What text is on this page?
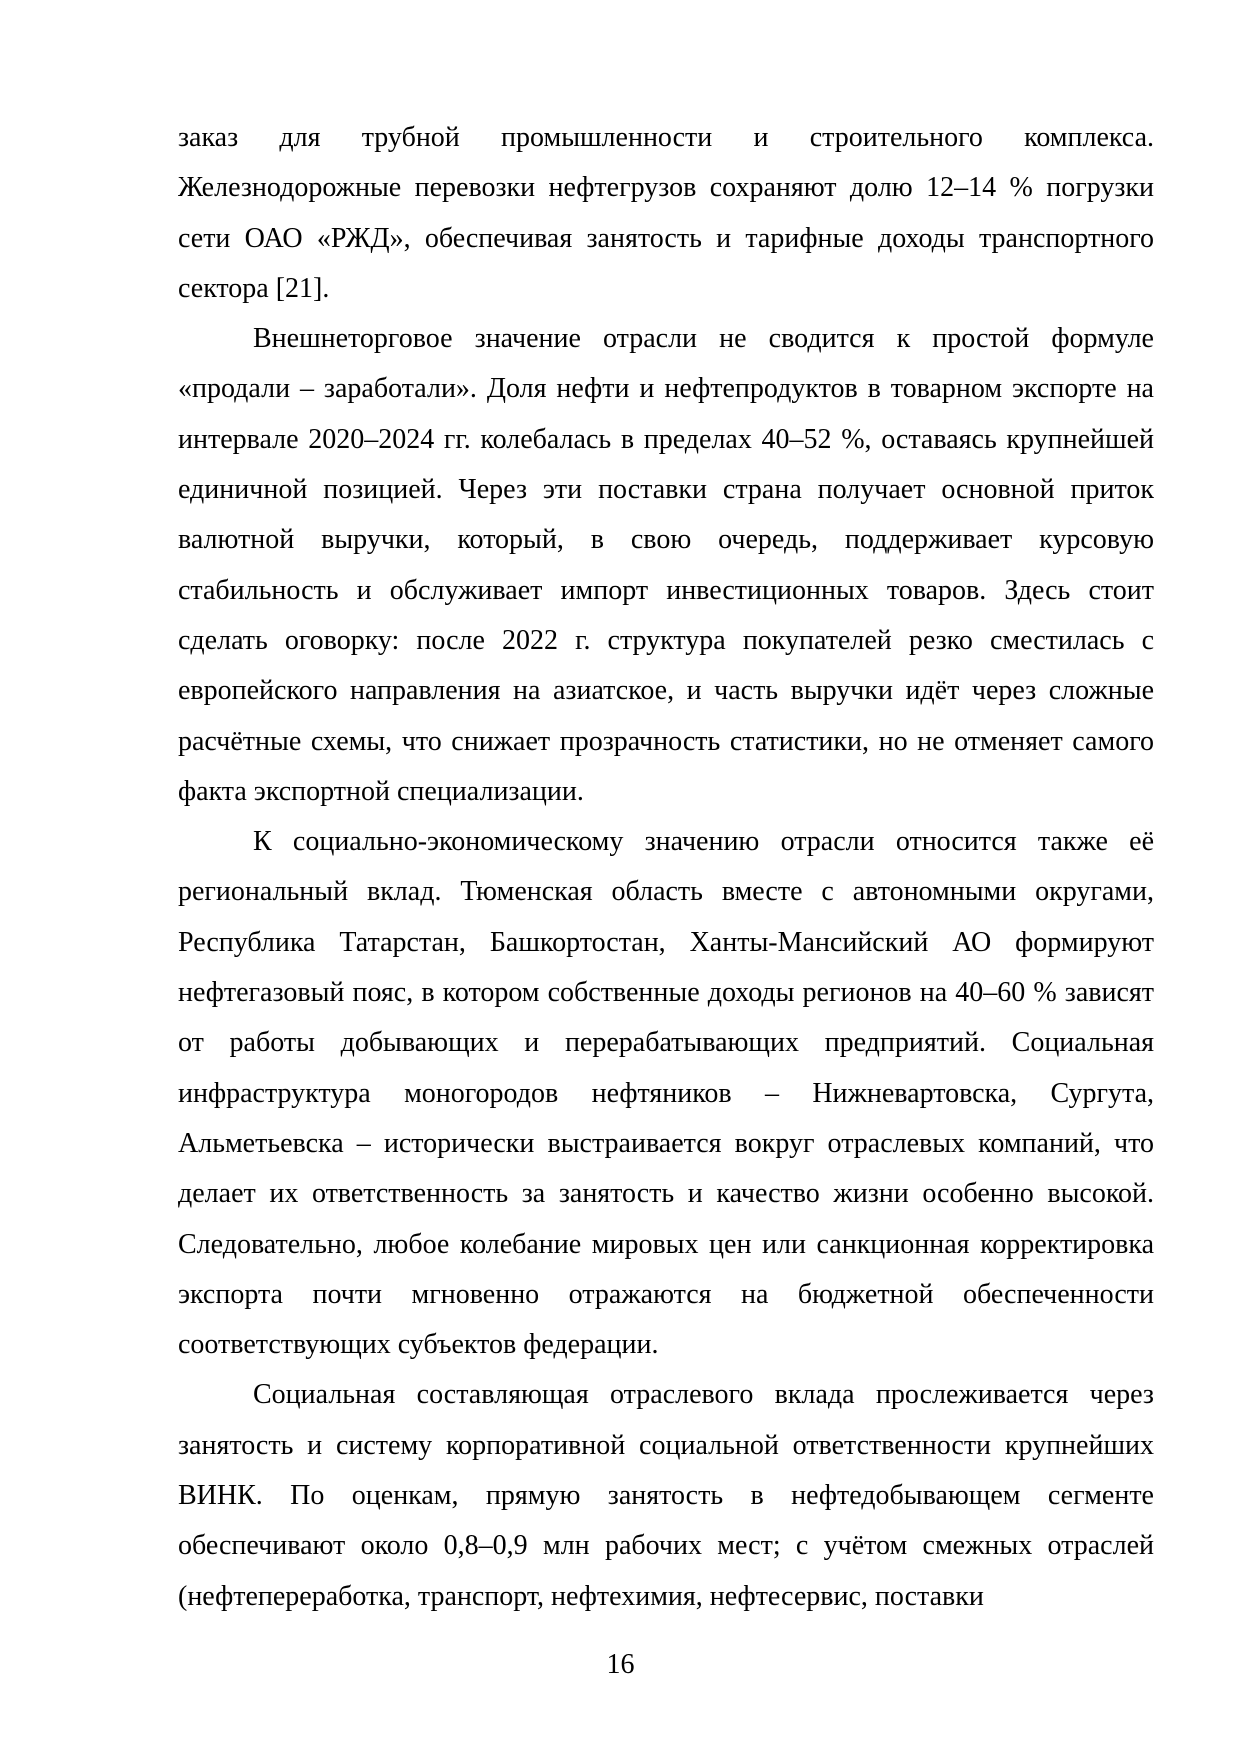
заказ для трубной промышленности и строительного комплекса. Железнодорожные перевозки нефтегрузов сохраняют долю 12–14 % погрузки сети ОАО «РЖД», обеспечивая занятость и тарифные доходы транспортного сектора [21].

Внешнеторговое значение отрасли не сводится к простой формуле «продали – заработали». Доля нефти и нефтепродуктов в товарном экспорте на интервале 2020–2024 гг. колебалась в пределах 40–52 %, оставаясь крупнейшей единичной позицией. Через эти поставки страна получает основной приток валютной выручки, который, в свою очередь, поддерживает курсовую стабильность и обслуживает импорт инвестиционных товаров. Здесь стоит сделать оговорку: после 2022 г. структура покупателей резко сместилась с европейского направления на азиатское, и часть выручки идёт через сложные расчётные схемы, что снижает прозрачность статистики, но не отменяет самого факта экспортной специализации.

К социально-экономическому значению отрасли относится также её региональный вклад. Тюменская область вместе с автономными округами, Республика Татарстан, Башкортостан, Ханты-Мансийский АО формируют нефтегазовый пояс, в котором собственные доходы регионов на 40–60 % зависят от работы добывающих и перерабатывающих предприятий. Социальная инфраструктура моногородов нефтяников – Нижневартовска, Сургута, Альметьевска – исторически выстраивается вокруг отраслевых компаний, что делает их ответственность за занятость и качество жизни особенно высокой. Следовательно, любое колебание мировых цен или санкционная корректировка экспорта почти мгновенно отражаются на бюджетной обеспеченности соответствующих субъектов федерации.

Социальная составляющая отраслевого вклада прослеживается через занятость и систему корпоративной социальной ответственности крупнейших ВИНК. По оценкам, прямую занятость в нефтедобывающем сегменте обеспечивают около 0,8–0,9 млн рабочих мест; с учётом смежных отраслей (нефтепереработка, транспорт, нефтехимия, нефтесервис, поставки

16
